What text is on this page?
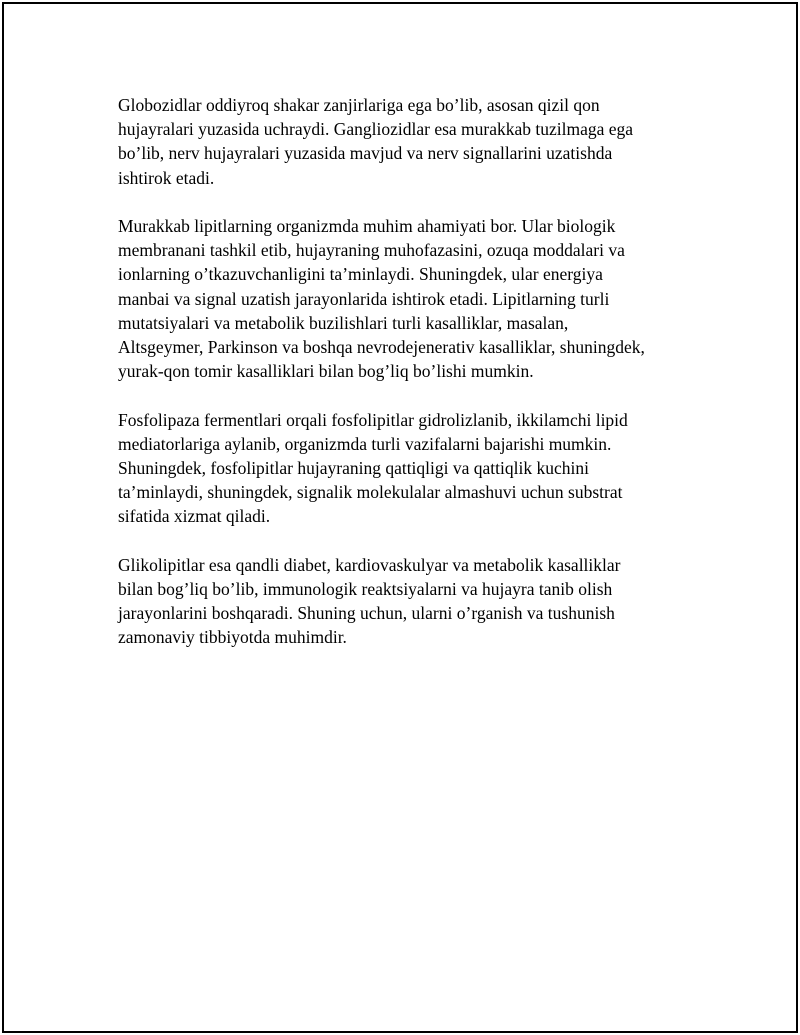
Globozidlar oddiyroq shakar zanjirlariga ega bo’lib, asosan qizil qon
hujayralari yuzasida uchraydi. Gangliozidlar esa murakkab tuzilmaga ega
bo’lib, nerv hujayralari yuzasida mavjud va nerv signallarini uzatishda
ishtirok etadi.

Murakkab lipitlarning organizmda muhim ahamiyati bor. Ular biologik
membranani tashkil etib, hujayraning muhofazasini, ozuqa moddalari va
ionlarning o’tkazuvchanligini ta’minlaydi. Shuningdek, ular energiya
manbai va signal uzatish jarayonlarida ishtirok etadi. Lipitlarning turli
mutatsiyalari va metabolik buzilishlari turli kasalliklar, masalan,
Altsgeymer, Parkinson va boshqa nevrodejenerativ kasalliklar, shuningdek,
yurak-qon tomir kasalliklari bilan bog’liq bo’lishi mumkin.

Fosfolipaza fermentlari orqali fosfolipitlar gidrolizlanib, ikkilamchi lipid
mediatorlariga aylanib, organizmda turli vazifalarni bajarishi mumkin.
Shuningdek, fosfolipitlar hujayraning qattiqligi va qattiqlik kuchini
ta’minlaydi, shuningdek, signalik molekulalar almashuvi uchun substrat
sifatida xizmat qiladi.

Glikolipitlar esa qandli diabet, kardiovaskulyar va metabolik kasalliklar
bilan bog’liq bo’lib, immunologik reaktsiyalarni va hujayra tanib olish
jarayonlarini boshqaradi. Shuning uchun, ularni o’rganish va tushunish
zamonaviy tibbiyotda muhimdir.
